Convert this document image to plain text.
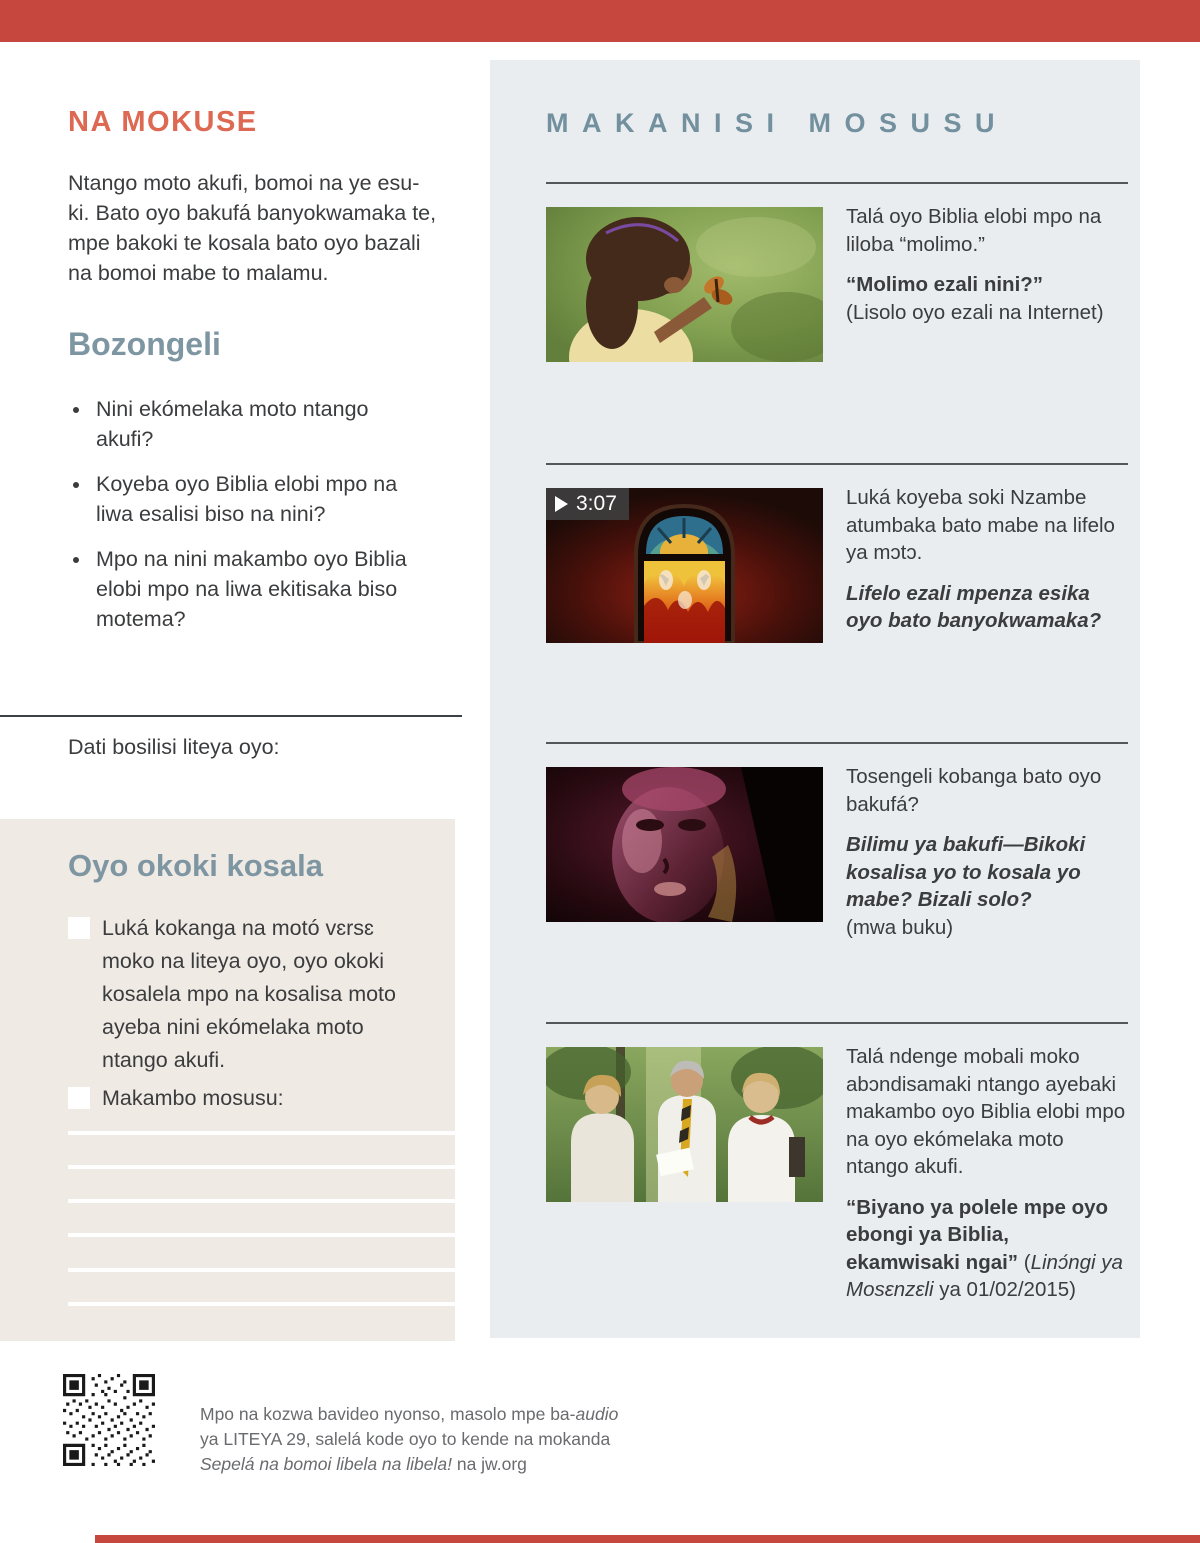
NA MOKUSE
Ntango moto akufi, bomoi na ye esu-ki. Bato oyo bakufá banyokwamaka te, mpe bakoki te kosala bato oyo bazali na bomoi mabe to malamu.
Bozongeli
• Nini ekómelaka moto ntango akufi?
• Koyeba oyo Biblia elobi mpo na liwa esalisi biso na nini?
• Mpo na nini makambo oyo Biblia elobi mpo na liwa ekitisaka biso motema?
Dati bosilisi liteya oyo:
Oyo okoki kosala
Luká kokanga na motó vɛrsɛ moko na liteya oyo, oyo okoki kosalela mpo na kosalisa moto ayeba nini ekómelaka moto ntango akufi.
Makambo mosusu:
MAKANISI MOSUSU
Talá oyo Biblia elobi mpo na liloba “molimo.”
“Molimo ezali nini?”
(Lisolo oyo ezali na Internet)
3:07	Luká koyeba soki Nzambe atumbaka bato mabe na lifelo ya mɔtɔ.
Lifelo ezali mpenza esika oyo bato banyokwamaka?
Tosengeli kobanga bato oyo bakufá?
Bilimu ya bakufi—Bikoki kosalisa yo to kosala yo mabe? Bizali solo?
(mwa buku)
Talá ndenge mobali moko abɔndisamaki ntango ayebaki makambo oyo Biblia elobi mpo na oyo ekómelaka moto ntango akufi.
“Biyano ya polele mpe oyo ebongi ya Biblia, ekamwisaki ngai” (Linɔ́ngi ya Mosɛnzɛli ya 01/02/2015)
Mpo na kozwa bavideo nyonso, masolo mpe ba-audio
ya LITEYA 29, salelá kode oyo to kende na mokanda
Sepelá na bomoi libela na libela! na jw.org
